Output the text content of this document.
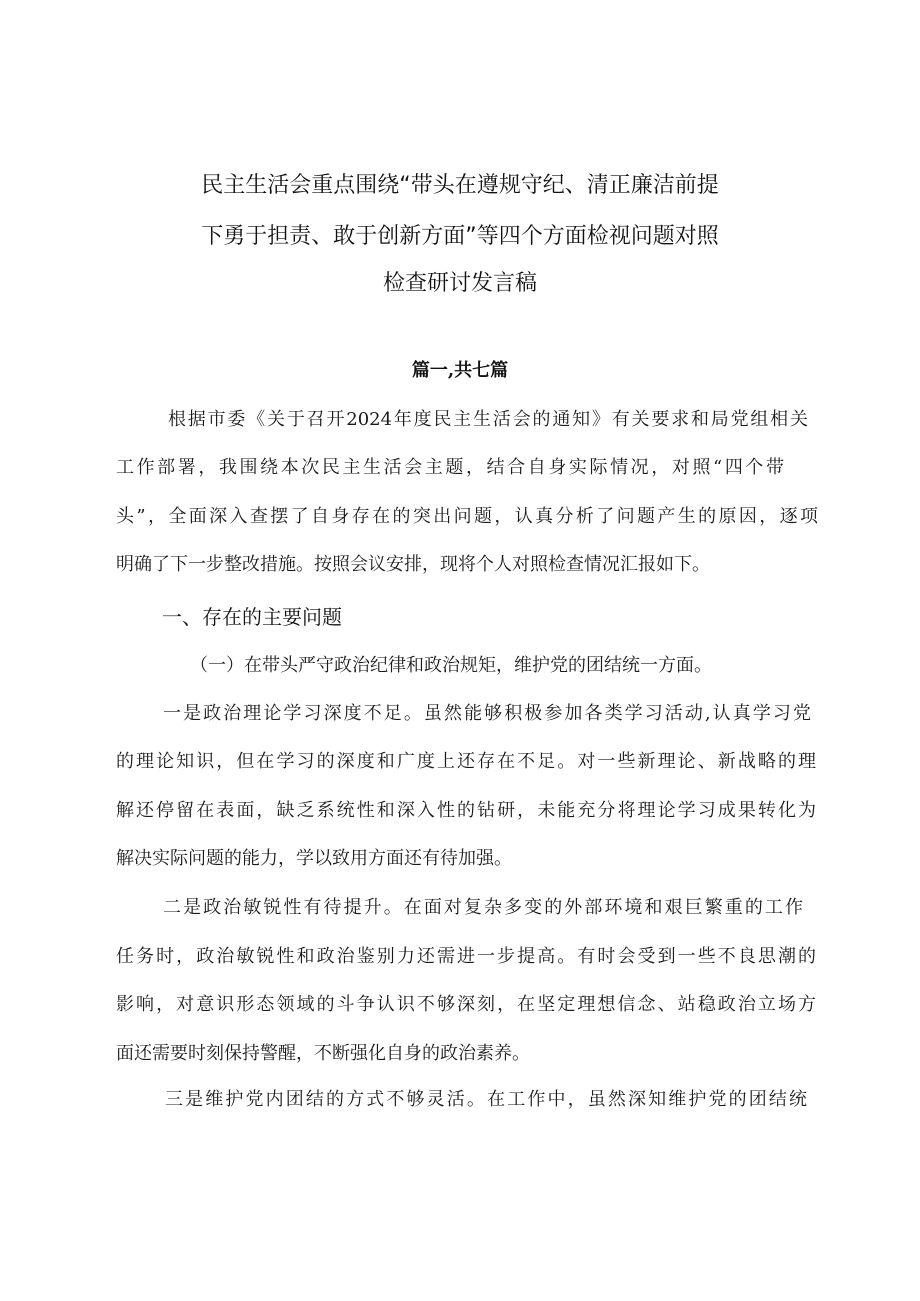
民主生活会重点围绕“带头在遵规守纪、清正廉洁前提
下勇于担责、敢于创新方面”等四个方面检视问题对照
检查研讨发言稿
篇一,共七篇
根据市委《关于召开2024年度民主生活会的通知》有关要求和局党组相关
工作部署，我围绕本次民主生活会主题，结合自身实际情况，对照“四个带
头”，全面深入查摆了自身存在的突出问题，认真分析了问题产生的原因，逐项
明确了下一步整改措施。按照会议安排，现将个人对照检查情况汇报如下。
一、存在的主要问题
（一）在带头严守政治纪律和政治规矩，维护党的团结统一方面。
一是政治理论学习深度不足。虽然能够积极参加各类学习活动,认真学习党
的理论知识，但在学习的深度和广度上还存在不足。对一些新理论、新战略的理
解还停留在表面，缺乏系统性和深入性的钻研，未能充分将理论学习成果转化为
解决实际问题的能力，学以致用方面还有待加强。
二是政治敏锐性有待提升。在面对复杂多变的外部环境和艰巨繁重的工作
任务时，政治敏锐性和政治鉴别力还需进一步提高。有时会受到一些不良思潮的
影响，对意识形态领域的斗争认识不够深刻，在坚定理想信念、站稳政治立场方
面还需要时刻保持警醒，不断强化自身的政治素养。
三是维护党内团结的方式不够灵活。在工作中，虽然深知维护党的团结统
